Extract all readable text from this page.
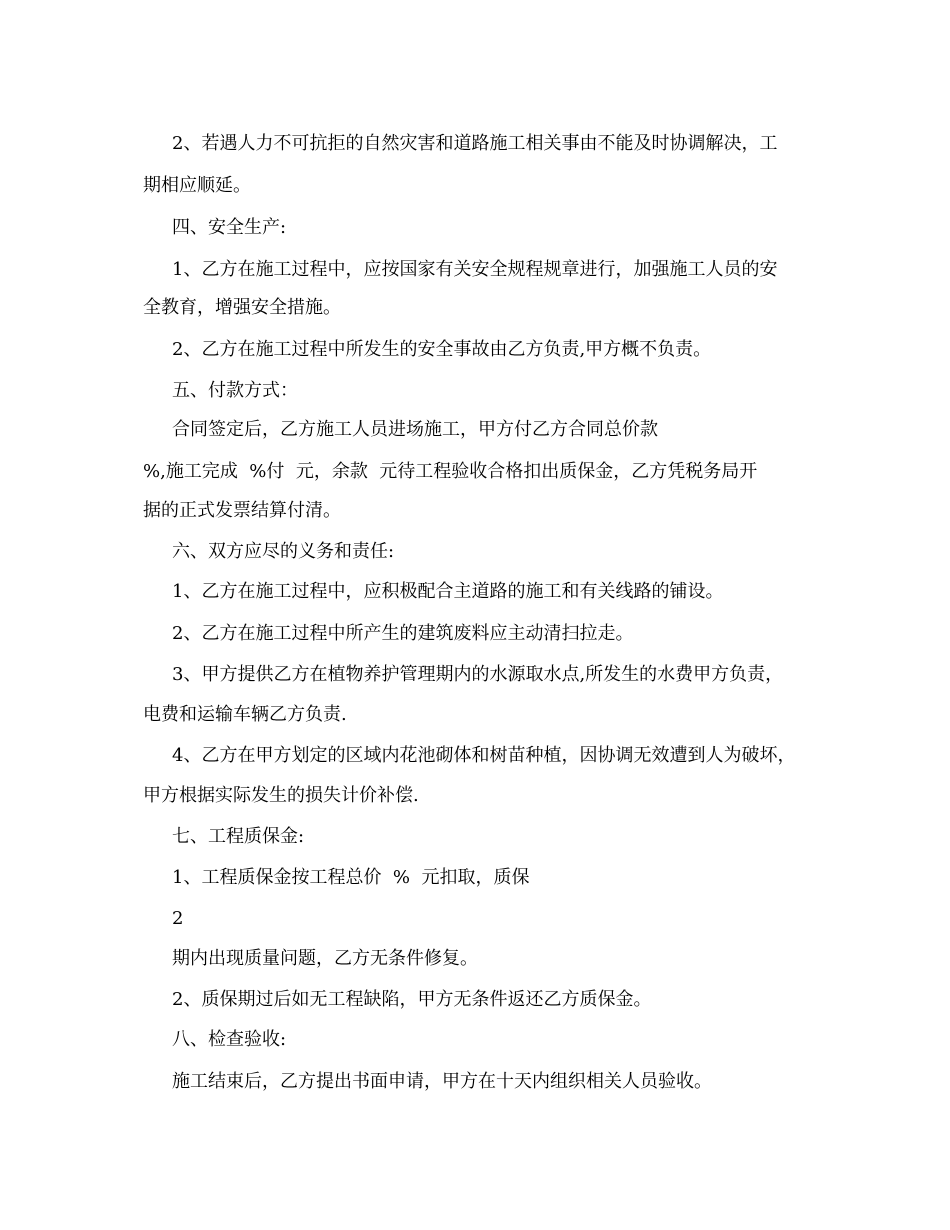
2、若遇人力不可抗拒的自然灾害和道路施工相关事由不能及时协调解决，工
期相应顺延。
四、安全生产:
1、乙方在施工过程中，应按国家有关安全规程规章进行，加强施工人员的安
全教育，增强安全措施。
2、乙方在施工过程中所发生的安全事故由乙方负责,甲方概不负责。
五、付款方式：
合同签定后，乙方施工人员进场施工，甲方付乙方合同总价款
%,施工完成  %付  元，余款  元待工程验收合格扣出质保金，乙方凭税务局开
据的正式发票结算付清。
六、双方应尽的义务和责任:
1、乙方在施工过程中，应积极配合主道路的施工和有关线路的铺设。
2、乙方在施工过程中所产生的建筑废料应主动清扫拉走。
3、甲方提供乙方在植物养护管理期内的水源取水点,所发生的水费甲方负责，
电费和运输车辆乙方负责.
4、乙方在甲方划定的区域内花池砌体和树苗种植，因协调无效遭到人为破坏，
甲方根据实际发生的损失计价补偿.
七、工程质保金:
1、工程质保金按工程总价  %  元扣取，质保
2
期内出现质量问题，乙方无条件修复。
2、质保期过后如无工程缺陷，甲方无条件返还乙方质保金。
八、检查验收:
施工结束后，乙方提出书面申请，甲方在十天内组织相关人员验收。
